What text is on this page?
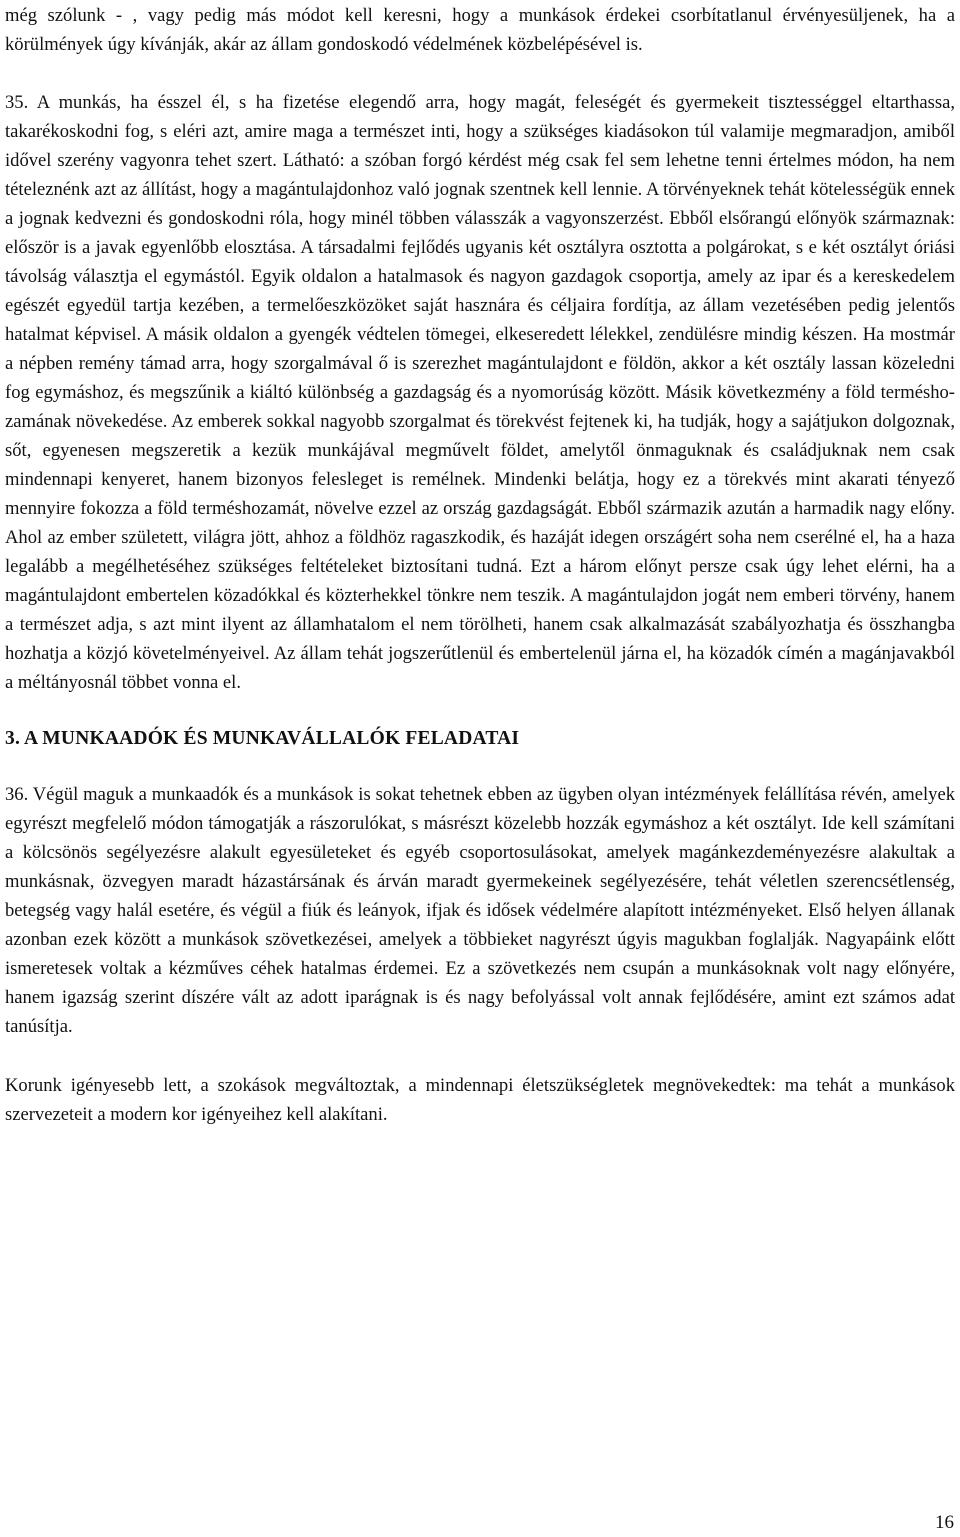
még szólunk - , vagy pedig más módot kell keresni, hogy a munkások érdekei csorbítatlanul érvényesüljenek, ha a körülmények úgy kívánják, akár az állam gondoskodó védelmének közbelépésével is.

35. A munkás, ha ésszel él, s ha fizetése elegendő arra, hogy magát, feleségét és gyermekeit tisztességgel eltarthassa, takarékoskodni fog, s eléri azt, amire maga a természet inti, hogy a szükséges kiadásokon túl valamije megmaradjon, amiből idővel szerény vagyonra tehet szert. Látható: a szóban forgó kérdést még csak fel sem lehetne tenni értelmes módon, ha nem tételeznénk azt az állítást, hogy a magántulajdonhoz való jognak szentnek kell lennie. A törvényeknek tehát kötelességük ennek a jognak kedvezni és gondoskodni róla, hogy minél többen válasszák a vagyonszerzést. Ebből elsőrangú előnyök származnak: először is a javak egyenlőbb elosztása. A társadalmi fejlődés ugyanis két osztályra osztotta a polgárokat, s e két osztályt óriási távolság választja el egymástól. Egyik oldalon a hatalmasok és nagyon gazdagok csoportja, amely az ipar és a kereskedelem egészét egyedül tartja kezében, a termelőeszközöket saját hasznára és céljaira fordítja, az állam vezetésében pedig jelentős hatalmat képvisel. A másik oldalon a gyengék védtelen tömegei, elkeseredett lélekkel, zendülésre mindig készen. Ha mostmár a népben remény támad arra, hogy szorgalmával ő is szerezhet magántulajdont e földön, akkor a két osztály lassan közeledni fog egymáshoz, és megszűnik a kiáltó különbség a gazdagság és a nyomorúság között. Másik következmény a föld terméshozamának növekedése. Az emberek sokkal nagyobb szorgalmat és törekvést fejtenek ki, ha tudják, hogy a sajátjukon dolgoznak, sőt, egyenesen megszeretik a kezük munkájával megművelt földet, amelytől önmaguknak és családjuknak nem csak mindennapi kenyeret, hanem bizonyos felesleget is remélnek. Mindenki belátja, hogy ez a törekvés mint akarati tényező mennyire fokozza a föld terméshozamát, növelve ezzel az ország gazdagságát. Ebből származik azután a harmadik nagy előny. Ahol az ember született, világra jött, ahhoz a földhöz ragaszkodik, és hazáját idegen országért soha nem cserélné el, ha a haza legalább a megélhetéséhez szükséges feltételeket biztosítani tudná. Ezt a három előnyt persze csak úgy lehet elérni, ha a magántulajdont embertelen közadókkal és közterhekkel tönkre nem teszik. A magántulajdon jogát nem emberi törvény, hanem a természet adja, s azt mint ilyent az államhatalom el nem törölheti, hanem csak alkalmazását szabályozhatja és összhangba hozhatja a közjó követelményeivel. Az állam tehát jogszerűtlenül és embertelenül járna el, ha közadók címén a magánjavakból a méltányosnál többet vonna el.

3. A MUNKAADÓK ÉS MUNKAVÁLLALÓK FELADATAI

36. Végül maguk a munkaadók és a munkások is sokat tehetnek ebben az ügyben olyan intézmények felállítása révén, amelyek egyrészt megfelelő módon támogatják a rászorulókat, s másrészt közelebb hozzák egymáshoz a két osztályt. Ide kell számítani a kölcsönös segélyezésre alakult egyesületeket és egyéb csoportosulásokat, amelyek magánkezdeményezésre alakultak a munkásnak, özvegyen maradt házastársának és árván maradt gyermekeinek segélyezésére, tehát véletlen szerencsétlenség, betegség vagy halál esetére, és végül a fiúk és leányok, ifjak és idősek védelmére alapított intézményeket. Első helyen állanak azonban ezek között a munkások szövetkezései, amelyek a többieket nagyrészt úgyis magukban foglalják. Nagyapáink előtt ismeretesek voltak a kézműves céhek hatalmas érdemei. Ez a szövetkezés nem csupán a munkásoknak volt nagy előnyére, hanem igazság szerint díszére vált az adott iparágnak is és nagy befolyással volt annak fejlődésére, amint ezt számos adat tanúsítja.

Korunk igényesebb lett, a szokások megváltoztak, a mindennapi életszükségletek megnövekedtek: ma tehát a munkások szervezeteit a modern kor igényeihez kell alakítani.

16
